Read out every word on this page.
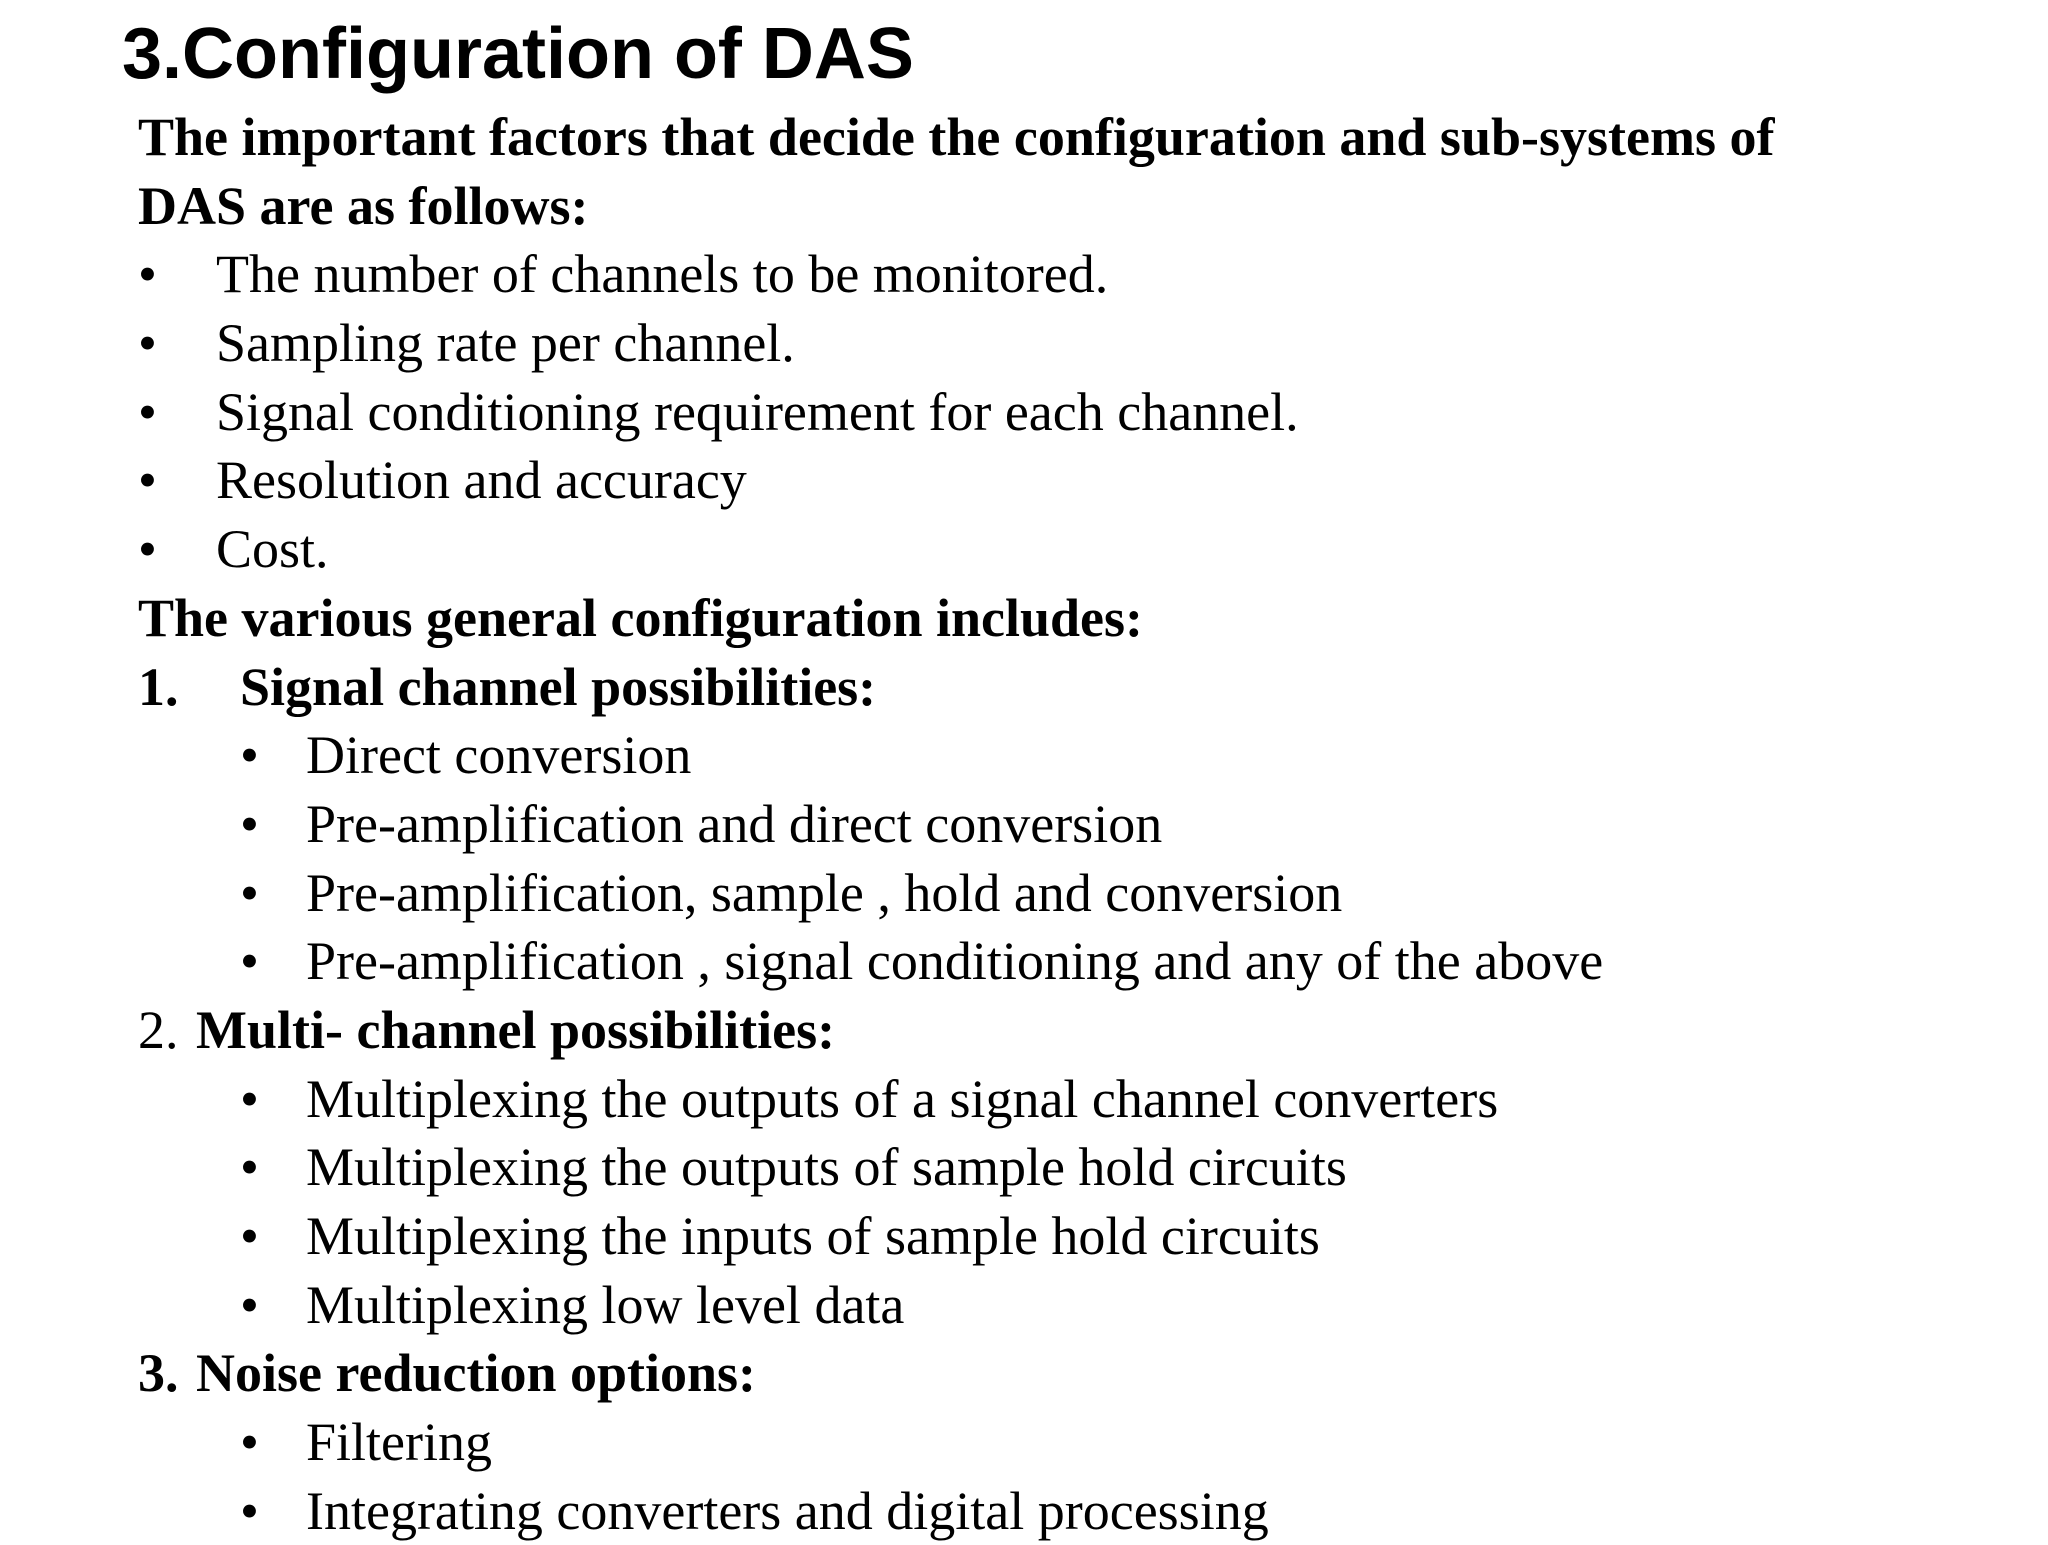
3.Configuration of DAS
The important factors that decide the configuration and sub-systems of
DAS are as follows:
• The number of channels to be monitored.
• Sampling rate per channel.
• Signal conditioning requirement for each channel.
• Resolution and accuracy
• Cost.
The various general configuration includes:
1. Signal channel possibilities:
• Direct conversion
• Pre-amplification and direct conversion
• Pre-amplification, sample , hold and conversion
• Pre-amplification , signal conditioning and any of the above
2. Multi- channel possibilities:
• Multiplexing the outputs of a signal channel converters
• Multiplexing the outputs of sample hold circuits
• Multiplexing the inputs of sample hold circuits
• Multiplexing low level data
3. Noise reduction options:
• Filtering
• Integrating converters and digital processing
